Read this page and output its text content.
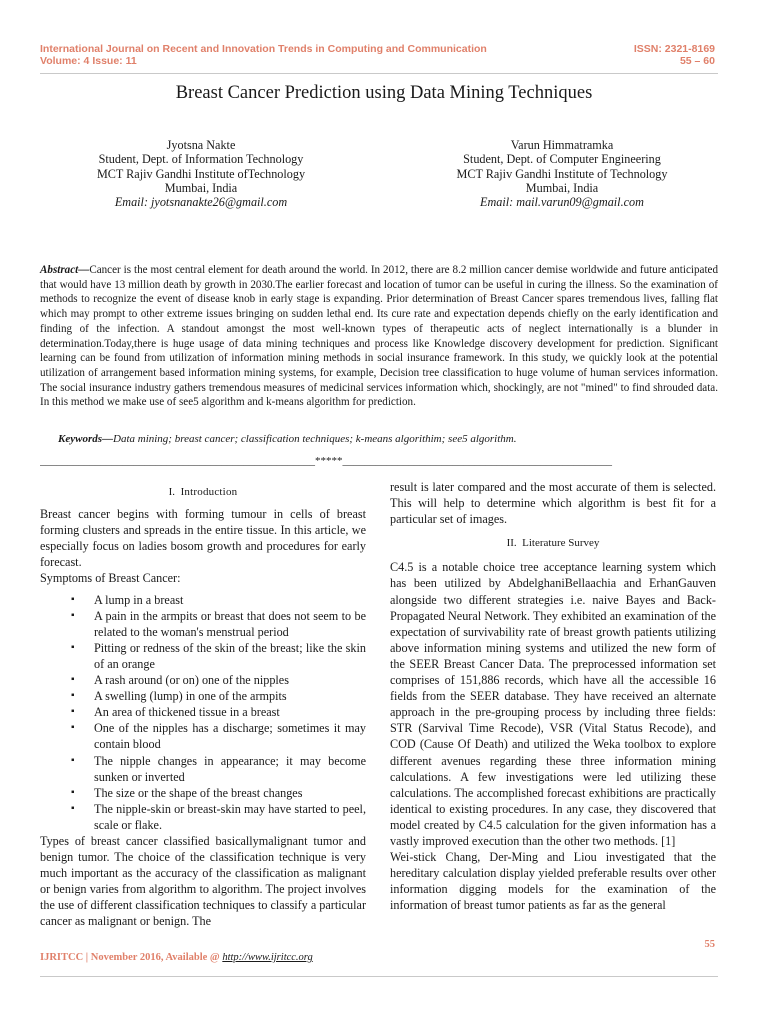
International Journal on Recent and Innovation Trends in Computing and Communication
Volume: 4 Issue: 11
ISSN: 2321-8169
55 – 60
Breast Cancer Prediction using Data Mining Techniques
Jyotsna Nakte
Student, Dept. of Information Technology
MCT Rajiv Gandhi Institute ofTechnology
Mumbai, India
Email: jyotsnanakte26@gmail.com
Varun Himmatramka
Student, Dept. of Computer Engineering
MCT Rajiv Gandhi Institute of Technology
Mumbai, India
Email: mail.varun09@gmail.com
Abstract—Cancer is the most central element for death around the world. In 2012, there are 8.2 million cancer demise worldwide and future anticipated that would have 13 million death by growth in 2030.The earlier forecast and location of tumor can be useful in curing the illness. So the examination of methods to recognize the event of disease knob in early stage is expanding. Prior determination of Breast Cancer spares tremendous lives, falling flat which may prompt to other extreme issues bringing on sudden lethal end. Its cure rate and expectation depends chiefly on the early identification and finding of the infection. A standout amongst the most well-known types of therapeutic acts of neglect internationally is a blunder in determination.Today,there is huge usage of data mining techniques and process like Knowledge discovery development for prediction. Significant learning can be found from utilization of information mining methods in social insurance framework. In this study, we quickly look at the potential utilization of arrangement based information mining systems, for example, Decision tree classification to huge volume of human services information. The social insurance industry gathers tremendous measures of medicinal services information which, shockingly, are not "mined" to find shrouded data. In this method we make use of see5 algorithm and k-means algorithm for prediction.
Keywords—Data mining; breast cancer; classification techniques; k-means algorithim; see5 algorithm.
__________________________________________________*****_________________________________________________

I. Introduction

Breast cancer begins with forming tumour in cells of breast forming clusters and spreads in the entire tissue. In this article, we especially focus on ladies bosom growth and procedures for early forecast.

Symptoms of Breast Cancer:

▪ A lump in a breast
▪ A pain in the armpits or breast that does not seem to be related to the woman's menstrual period
▪ Pitting or redness of the skin of the breast; like the skin of an orange
▪ A rash around (or on) one of the nipples
▪ A swelling (lump) in one of the armpits
▪ An area of thickened tissue in a breast
▪ One of the nipples has a discharge; sometimes it may contain blood
▪ The nipple changes in appearance; it may become sunken or inverted
▪ The size or the shape of the breast changes
▪ The nipple-skin or breast-skin may have started to peel, scale or flake.

Types of breast cancer classified basicallymalignant tumor and benign tumor. The choice of the classification technique is very much important as the accuracy of the classification as malignant or benign varies from algorithm to algorithm. The project involves the use of different classification techniques to classify a particular cancer as malignant or benign. The

result is later compared and the most accurate of them is selected. This will help to determine which algorithm is best fit for a particular set of images.

II. Literature Survey

C4.5 is a notable choice tree acceptance learning system which has been utilized by AbdelghaniBellaachia and ErhanGauven alongside two different strategies i.e. naive Bayes and Back-Propagated Neural Network. They exhibited an examination of the expectation of survivability rate of breast growth patients utilizing above information mining systems and utilized the new form of the SEER Breast Cancer Data. The preprocessed information set comprises of 151,886 records, which have all the accessible 16 fields from the SEER database. They have received an alternate approach in the pre-grouping process by including three fields: STR (Sarvival Time Recode), VSR (Vital Status Recode), and COD (Cause Of Death) and utilized the Weka toolbox to explore different avenues regarding these three information mining calculations. A few investigations were led utilizing these calculations. The accomplished forecast exhibitions are practically identical to existing procedures. In any case, they discovered that model created by C4.5 calculation for the given information has a vastly improved execution than the other two methods. [1]

Wei-stick Chang, Der-Ming and Liou investigated that the hereditary calculation display yielded preferable results over other information digging models for the examination of the information of breast tumor patients as far as the general

55
IJRITCC | November 2016, Available @ http://www.ijritcc.org
